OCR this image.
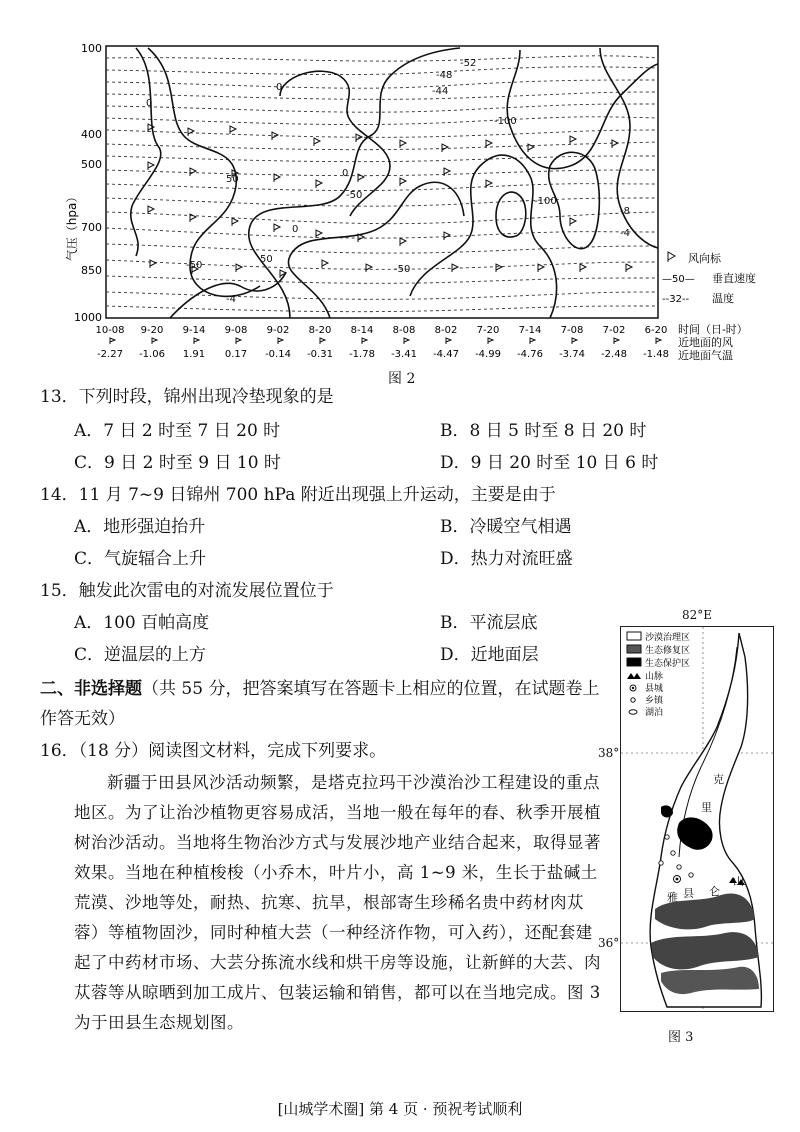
气压（hpa）
100
400
500
700
850
1000
-52
-48
-44
0
0
-100
-50
-100
0
-50
-8
-4
-50
-4
50
50
0
10-08 9-20 9-14 9-08 9-02 8-20 8-14 8-08 8-02 7-20 7-14 7-08 7-02 6-20
-2.27 -1.06 1.91 0.17 -0.14 -0.31 -1.78 -3.41 -4.47 -4.99 -4.76 -3.74 -2.48 -1.48
时间（日-时）
近地面的风
近地面气温
风向标
—50— 垂直速度
--32-- 温度
图 2
13．下列时段，锦州出现冷垫现象的是
A．7 日 2 时至 7 日 20 时	B．8 日 5 时至 8 日 20 时
C．9 日 2 时至 9 日 10 时	D．9 日 20 时至 10 日 6 时
14．11 月 7~9 日锦州 700 hPa 附近出现强上升运动，主要是由于
A．地形强迫抬升	B．冷暖空气相遇
C．气旋辐合上升	D．热力对流旺盛
15．触发此次雷电的对流发展位置位于
A．100 百帕高度	B．平流层底
C．逆温层的上方	D．近地面层
二、非选择题（共 55 分，把答案填写在答题卡上相应的位置，在试题卷上作答无效）
16．（18 分）阅读图文材料，完成下列要求。
新疆于田县风沙活动频繁，是塔克拉玛干沙漠治沙工程建设的重点地区。为了让治沙植物更容易成活，当地一般在每年的春、秋季开展植树治沙活动。当地将生物治沙方式与发展沙地产业结合起来，取得显著效果。当地在种植梭梭（小乔木，叶片小，高 1~9 米，生长于盐碱土荒漠、沙地等处，耐热、抗寒、抗旱，根部寄生珍稀名贵中药材肉苁蓉）等植物固沙，同时种植大芸（一种经济作物，可入药），还配套建起了中药材市场、大芸分拣流水线和烘干房等设施，让新鲜的大芸、肉苁蓉等从晾晒到加工成片、包装运输和销售，都可以在当地完成。图 3 为于田县生态规划图。
82°E
38°
36°
克
里
雅 县
山
仑
沙漠治理区
生态修复区
生态保护区
山脉
县城
乡镇
湖泊
图 3
[山城学术圈] 第 4 页 · 预祝考试顺利
